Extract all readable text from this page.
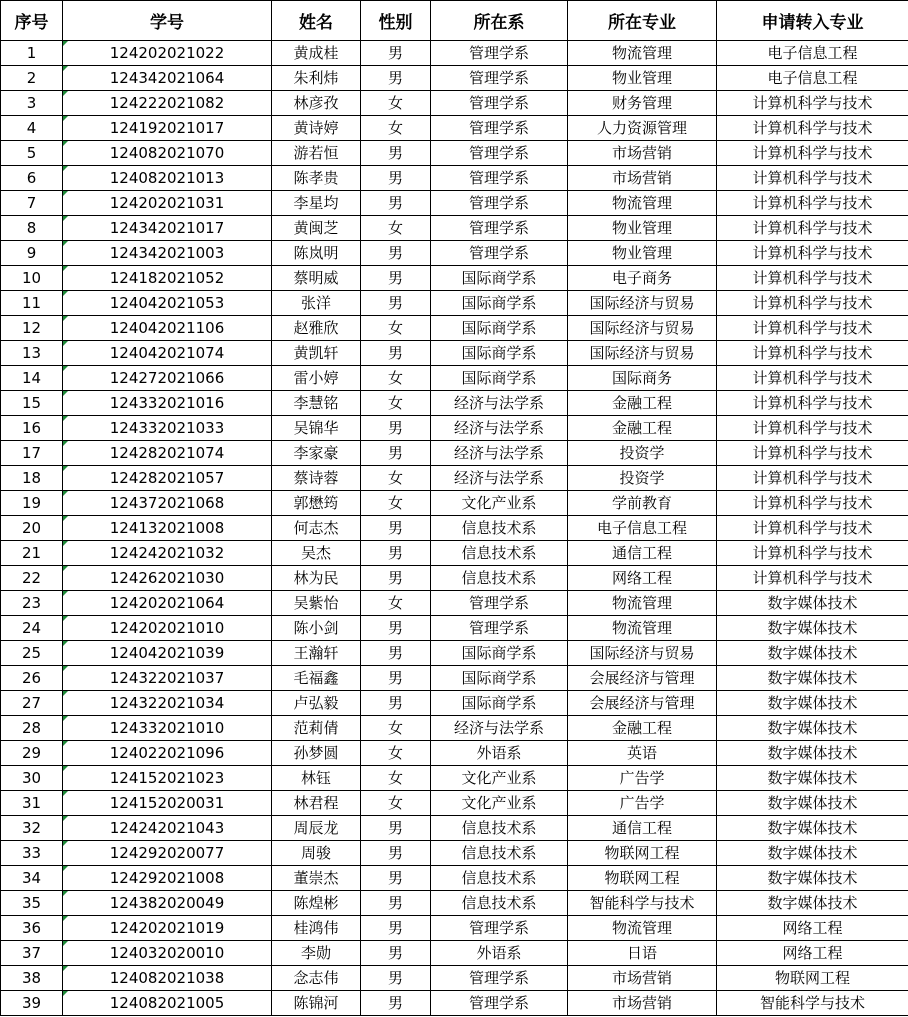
序号	学号	姓名	性别	所在系	所在专业	申请转入专业
1	124202021022	黄成桂	男	管理学系	物流管理	电子信息工程
2	124342021064	朱利炜	男	管理学系	物业管理	电子信息工程
3	124222021082	林彦孜	女	管理学系	财务管理	计算机科学与技术
4	124192021017	黄诗婷	女	管理学系	人力资源管理	计算机科学与技术
5	124082021070	游若恒	男	管理学系	市场营销	计算机科学与技术
6	124082021013	陈孝贵	男	管理学系	市场营销	计算机科学与技术
7	124202021031	李星均	男	管理学系	物流管理	计算机科学与技术
8	124342021017	黄闽芝	女	管理学系	物业管理	计算机科学与技术
9	124342021003	陈岚明	男	管理学系	物业管理	计算机科学与技术
10	124182021052	蔡明威	男	国际商学系	电子商务	计算机科学与技术
11	124042021053	张洋	男	国际商学系	国际经济与贸易	计算机科学与技术
12	124042021106	赵雅欣	女	国际商学系	国际经济与贸易	计算机科学与技术
13	124042021074	黄凯轩	男	国际商学系	国际经济与贸易	计算机科学与技术
14	124272021066	雷小婷	女	国际商学系	国际商务	计算机科学与技术
15	124332021016	李慧铭	女	经济与法学系	金融工程	计算机科学与技术
16	124332021033	吴锦华	男	经济与法学系	金融工程	计算机科学与技术
17	124282021074	李家豪	男	经济与法学系	投资学	计算机科学与技术
18	124282021057	蔡诗蓉	女	经济与法学系	投资学	计算机科学与技术
19	124372021068	郭懋筠	女	文化产业系	学前教育	计算机科学与技术
20	124132021008	何志杰	男	信息技术系	电子信息工程	计算机科学与技术
21	124242021032	吴杰	男	信息技术系	通信工程	计算机科学与技术
22	124262021030	林为民	男	信息技术系	网络工程	计算机科学与技术
23	124202021064	吴紫怡	女	管理学系	物流管理	数字媒体技术
24	124202021010	陈小剑	男	管理学系	物流管理	数字媒体技术
25	124042021039	王瀚轩	男	国际商学系	国际经济与贸易	数字媒体技术
26	124322021037	毛福鑫	男	国际商学系	会展经济与管理	数字媒体技术
27	124322021034	卢弘毅	男	国际商学系	会展经济与管理	数字媒体技术
28	124332021010	范莉倩	女	经济与法学系	金融工程	数字媒体技术
29	124022021096	孙梦圆	女	外语系	英语	数字媒体技术
30	124152021023	林钰	女	文化产业系	广告学	数字媒体技术
31	124152020031	林君程	女	文化产业系	广告学	数字媒体技术
32	124242021043	周辰龙	男	信息技术系	通信工程	数字媒体技术
33	124292020077	周骏	男	信息技术系	物联网工程	数字媒体技术
34	124292021008	董崇杰	男	信息技术系	物联网工程	数字媒体技术
35	124382020049	陈煌彬	男	信息技术系	智能科学与技术	数字媒体技术
36	124202021019	桂鸿伟	男	管理学系	物流管理	网络工程
37	124032020010	李勋	男	外语系	日语	网络工程
38	124082021038	念志伟	男	管理学系	市场营销	物联网工程
39	124082021005	陈锦河	男	管理学系	市场营销	智能科学与技术
